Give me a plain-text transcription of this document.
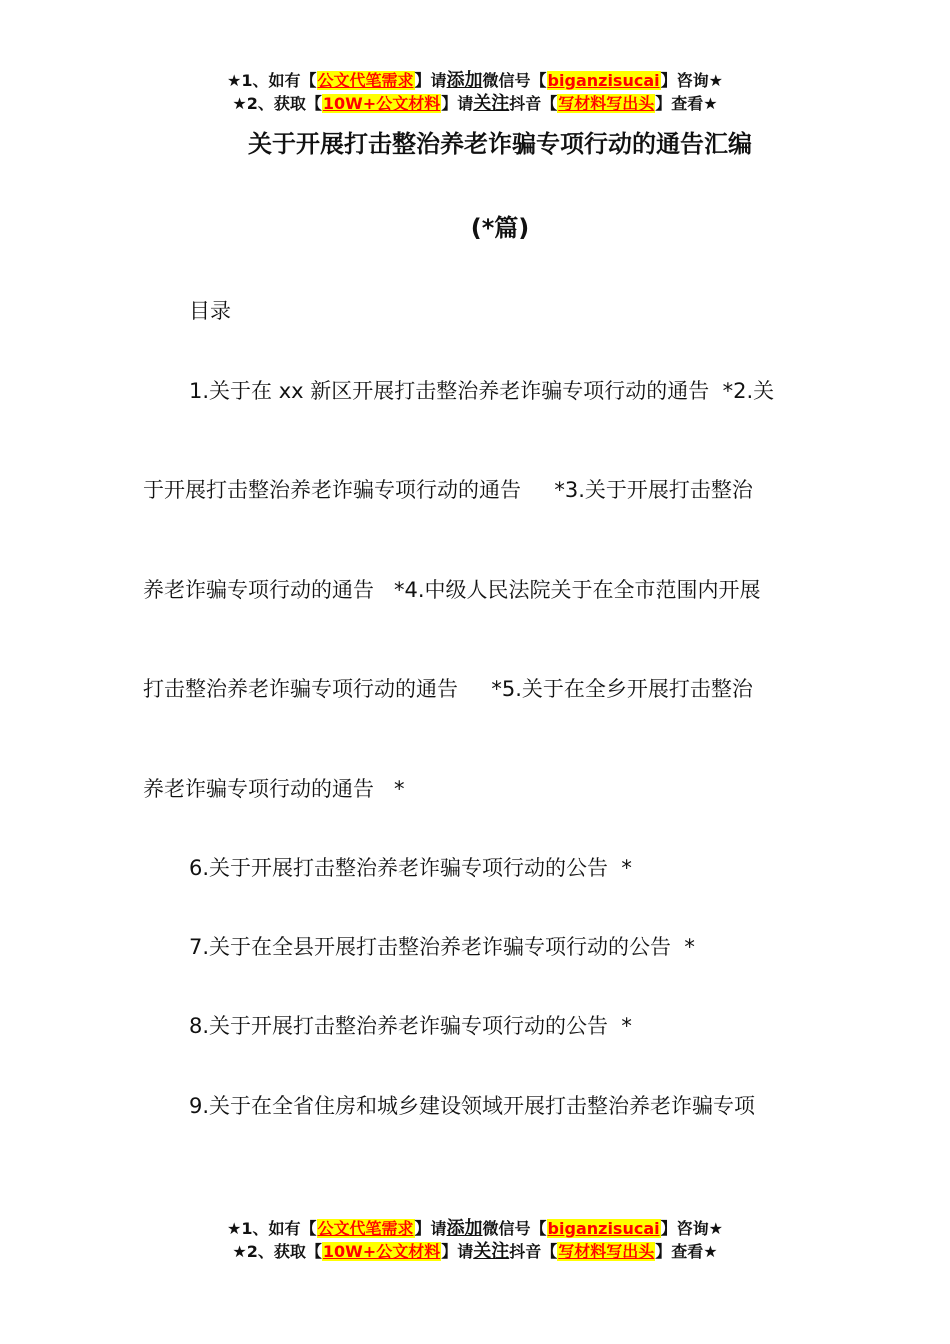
★1、如有【公文代笔需求】请添加微信号【biganzisucai】咨询★
★2、获取【10W+公文材料】请关注抖音【写材料写出头】查看★
关于开展打击整治养老诈骗专项行动的通告汇编
(*篇)
目录
1.关于在 xx 新区开展打击整治养老诈骗专项行动的通告  *2.关
于开展打击整治养老诈骗专项行动的通告     *3.关于开展打击整治
养老诈骗专项行动的通告   *4.中级人民法院关于在全市范围内开展
打击整治养老诈骗专项行动的通告     *5.关于在全乡开展打击整治
养老诈骗专项行动的通告   *
6.关于开展打击整治养老诈骗专项行动的公告  *
7.关于在全县开展打击整治养老诈骗专项行动的公告  *
8.关于开展打击整治养老诈骗专项行动的公告  *
9.关于在全省住房和城乡建设领域开展打击整治养老诈骗专项
★1、如有【公文代笔需求】请添加微信号【biganzisucai】咨询★
★2、获取【10W+公文材料】请关注抖音【写材料写出头】查看★
